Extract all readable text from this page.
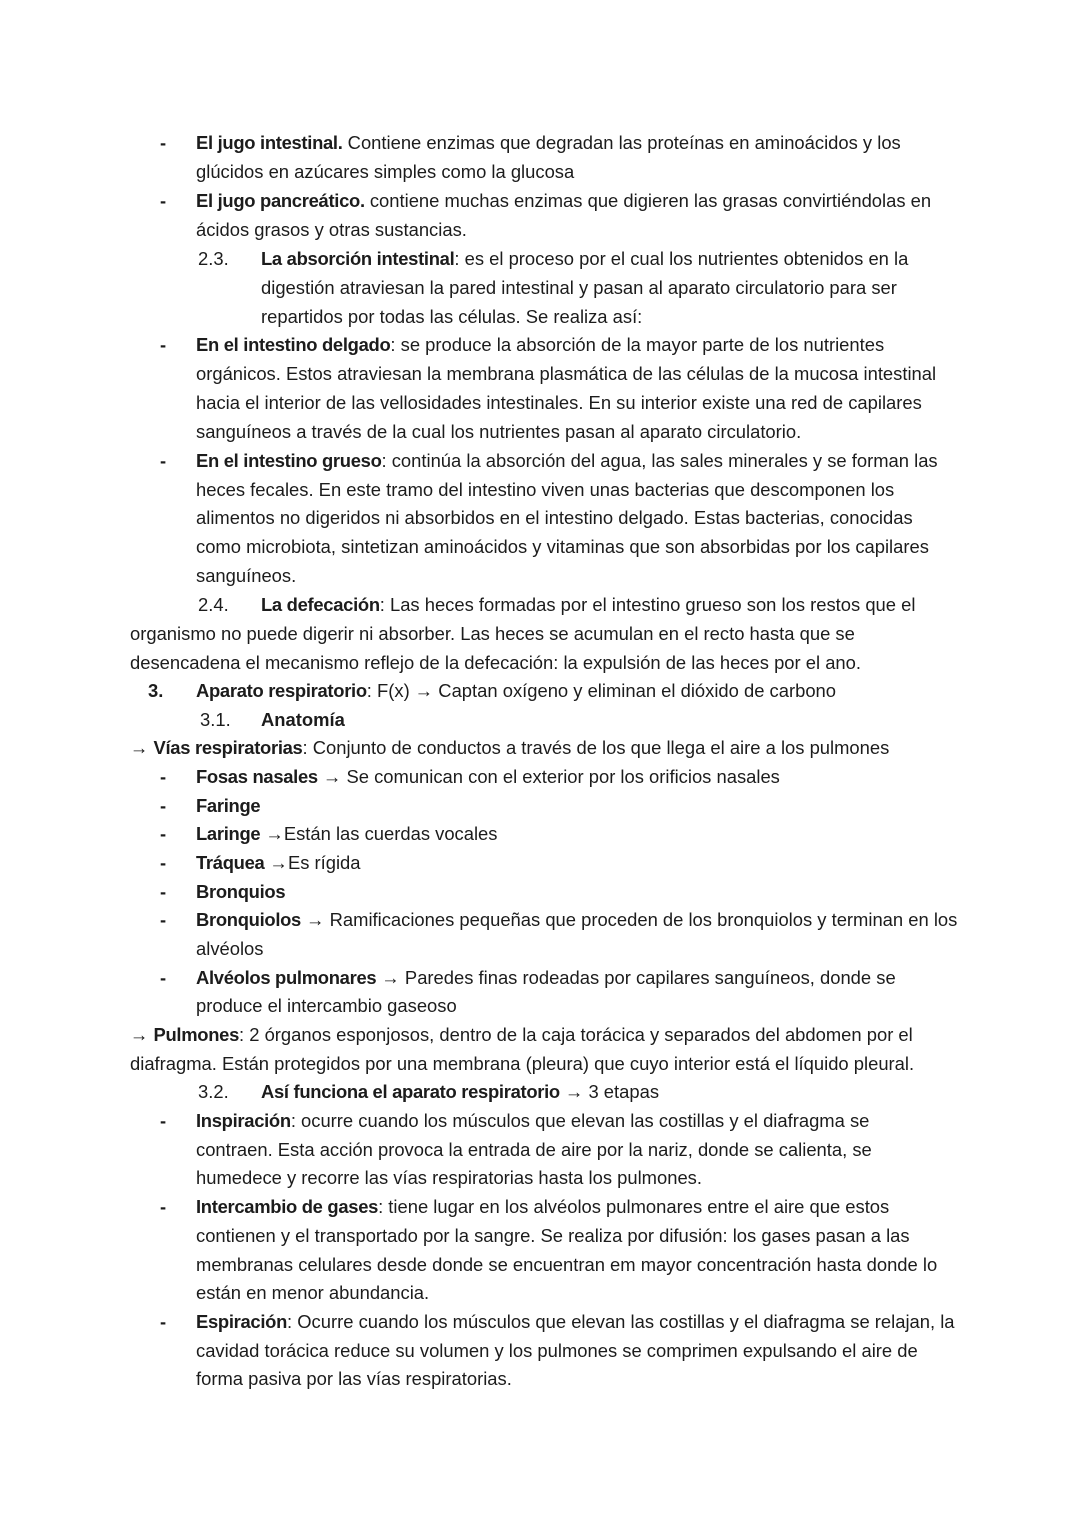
- El jugo intestinal. Contiene enzimas que degradan las proteínas en aminoácidos y los
glúcidos en azúcares simples como la glucosa
- El jugo pancreático. contiene muchas enzimas que digieren las grasas convirtiéndolas en
ácidos grasos y otras sustancias.
2.3. La absorción intestinal: es el proceso por el cual los nutrientes obtenidos en la
digestión atraviesan la pared intestinal y pasan al aparato circulatorio para ser
repartidos por todas las células. Se realiza así:
- En el intestino delgado: se produce la absorción de la mayor parte de los nutrientes
orgánicos. Estos atraviesan la membrana plasmática de las células de la mucosa intestinal
hacia el interior de las vellosidades intestinales. En su interior existe una red de capilares
sanguíneos a través de la cual los nutrientes pasan al aparato circulatorio.
- En el intestino grueso: continúa la absorción del agua, las sales minerales y se forman las
heces fecales. En este tramo del intestino viven unas bacterias que descomponen los
alimentos no digeridos ni absorbidos en el intestino delgado. Estas bacterias, conocidas
como microbiota, sintetizan aminoácidos y vitaminas que son absorbidas por los capilares
sanguíneos.
2.4. La defecación: Las heces formadas por el intestino grueso son los restos que el
organismo no puede digerir ni absorber. Las heces se acumulan en el recto hasta que se
desencadena el mecanismo reflejo de la defecación: la expulsión de las heces por el ano.
3. Aparato respiratorio: F(x) → Captan oxígeno y eliminan el dióxido de carbono
3.1. Anatomía
→ Vías respiratorias: Conjunto de conductos a través de los que llega el aire a los pulmones
- Fosas nasales → Se comunican con el exterior por los orificios nasales
- Faringe
- Laringe →Están las cuerdas vocales
- Tráquea →Es rígida
- Bronquios
- Bronquiolos → Ramificaciones pequeñas que proceden de los bronquiolos y terminan en los
alvéolos
- Alvéolos pulmonares → Paredes finas rodeadas por capilares sanguíneos, donde se
produce el intercambio gaseoso
→ Pulmones: 2 órganos esponjosos, dentro de la caja torácica y separados del abdomen por el
diafragma. Están protegidos por una membrana (pleura) que cuyo interior está el líquido pleural.
3.2. Así funciona el aparato respiratorio → 3 etapas
- Inspiración: ocurre cuando los músculos que elevan las costillas y el diafragma se
contraen. Esta acción provoca la entrada de aire por la nariz, donde se calienta, se
humedece y recorre las vías respiratorias hasta los pulmones.
- Intercambio de gases: tiene lugar en los alvéolos pulmonares entre el aire que estos
contienen y el transportado por la sangre. Se realiza por difusión: los gases pasan a las
membranas celulares desde donde se encuentran em mayor concentración hasta donde lo
están en menor abundancia.
- Espiración: Ocurre cuando los músculos que elevan las costillas y el diafragma se relajan, la
cavidad torácica reduce su volumen y los pulmones se comprimen expulsando el aire de
forma pasiva por las vías respiratorias.
